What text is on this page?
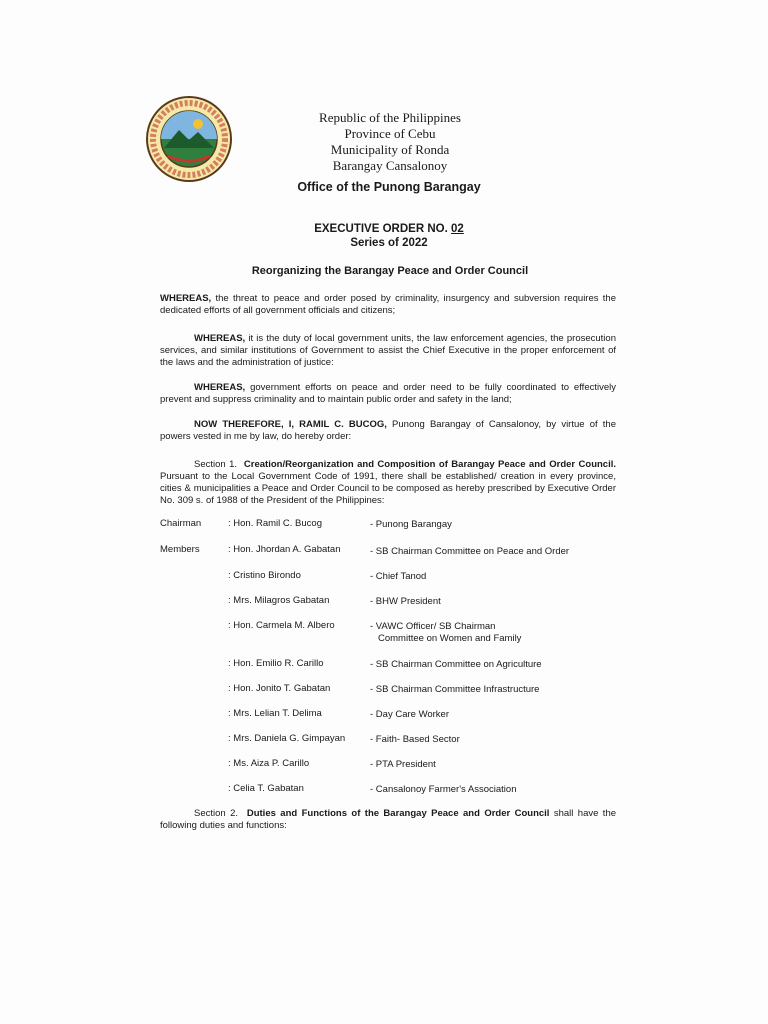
Republic of the Philippines
Province of Cebu
Municipality of Ronda
Barangay Cansalonoy
Office of the Punong Barangay
EXECUTIVE ORDER NO. 02
Series of 2022
Reorganizing the Barangay Peace and Order Council
WHEREAS, the threat to peace and order posed by criminality, insurgency and subversion requires the dedicated efforts of all government officials and citizens;
WHEREAS, it is the duty of local government units, the law enforcement agencies, the prosecution services, and similar institutions of Government to assist the Chief Executive in the proper enforcement of the laws and the administration of justice:
WHEREAS, government efforts on peace and order need to be fully coordinated to effectively prevent and suppress criminality and to maintain public order and safety in the land;
NOW THEREFORE, I, RAMIL C. BUCOG, Punong Barangay of Cansalonoy, by virtue of the powers vested in me by law, do hereby order:
Section 1. Creation/Reorganization and Composition of Barangay Peace and Order Council. Pursuant to the Local Government Code of 1991, there shall be established/ creation in every province, cities & municipalities a Peace and Order Council to be composed as hereby prescribed by Executive Order No. 309 s. of 1988 of the President of the Philippines:
Chairman	: Hon. Ramil C. Bucog	- Punong Barangay
Members	: Hon. Jhordan A. Gabatan	- SB Chairman Committee on Peace and Order
: Cristino Birondo	- Chief Tanod
: Mrs. Milagros Gabatan	- BHW President
: Hon. Carmela M. Albero	- VAWC Officer/ SB Chairman
Committee on Women and Family
: Hon. Emilio R. Carillo	- SB Chairman Committee on Agriculture
: Hon. Jonito T. Gabatan	- SB Chairman Committee Infrastructure
: Mrs. Lelian T. Delima	- Day Care Worker
: Mrs. Daniela G. Gimpayan	- Faith- Based Sector
: Ms. Aiza P. Carillo	- PTA President
: Celia T. Gabatan	- Cansalonoy Farmer's Association
Section 2. Duties and Functions of the Barangay Peace and Order Council shall have the following duties and functions:
